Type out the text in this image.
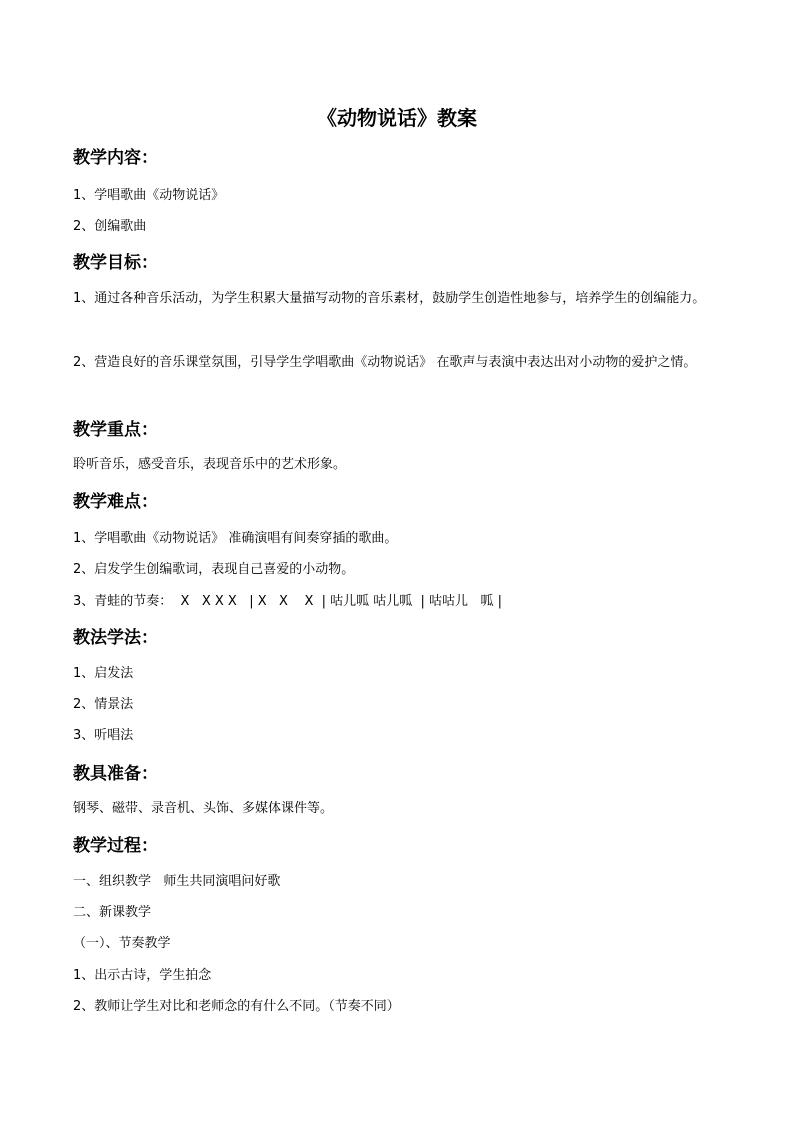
《动物说话》教案
教学内容：
1、学唱歌曲《动物说话》
2、创编歌曲
教学目标：
1、通过各种音乐活动，为学生积累大量描写动物的音乐素材，鼓励学生创造性地参与，培养学生的创编能力。
2、营造良好的音乐课堂氛围，引导学生学唱歌曲《动物说话》 在歌声与表演中表达出对小动物的爱护之情。
教学重点：
聆听音乐，感受音乐，表现音乐中的艺术形象。
教学难点：
1、学唱歌曲《动物说话》 准确演唱有间奏穿插的歌曲。
2、启发学生创编歌词，表现自己喜爱的小动物。
3、青蛙的节奏：  X   X X X   | X   X    X  | 咕儿呱 咕儿呱  | 咕咕儿   呱 |
教法学法：
1、启发法
2、情景法
3、听唱法
教具准备：
钢琴、磁带、录音机、头饰、多媒体课件等。
教学过程：
一、组织教学   师生共同演唱问好歌
二、新课教学
（一）、节奏教学
1、出示古诗，学生拍念
2、教师让学生对比和老师念的有什么不同。（节奏不同）
